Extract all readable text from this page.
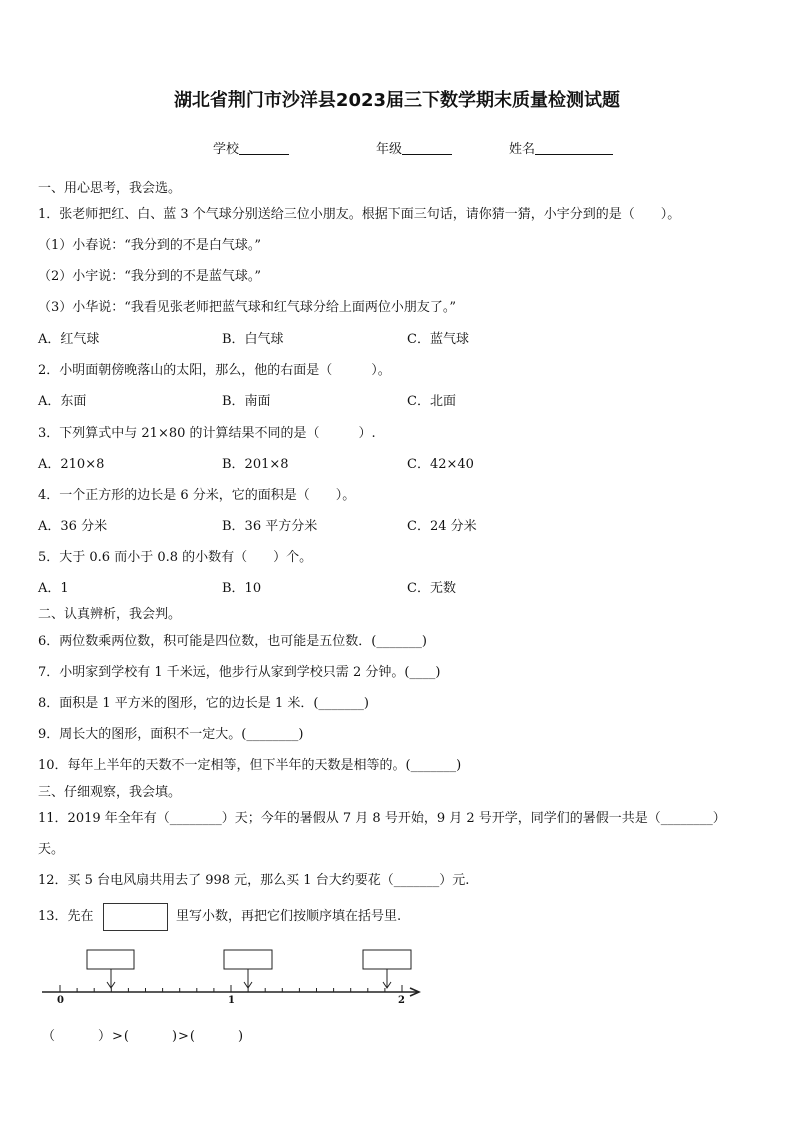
湖北省荆门市沙洋县2023届三下数学期末质量检测试题
学校	年级	姓名
一、用心思考，我会选。
1．张老师把红、白、蓝 3 个气球分别送给三位小朋友。根据下面三句话，请你猜一猜，小宇分到的是（　　）。
（1）小春说：“我分到的不是白气球。”
（2）小宇说：“我分到的不是蓝气球。”
（3）小华说：“我看见张老师把蓝气球和红气球分给上面两位小朋友了。”
A．红气球	B．白气球	C．蓝气球
2．小明面朝傍晚落山的太阳，那么，他的右面是（　　　）。
A．东面	B．南面	C．北面
3．下列算式中与 21×80 的计算结果不同的是（　　　）.
A．210×8	B．201×8	C．42×40
4．一个正方形的边长是 6 分米，它的面积是（　　）。
A．36 分米	B．36 平方分米	C．24 分米
5．大于 0.6 而小于 0.8 的小数有（　　）个。
A．1	B．10	C．无数
二、认真辨析，我会判。
6．两位数乘两位数，积可能是四位数，也可能是五位数．(_______)
7．小明家到学校有 1 千米远，他步行从家到学校只需 2 分钟。(____)
8．面积是 1 平方米的图形，它的边长是 1 米．(_______)
9．周长大的图形，面积不一定大。(________)
10．每年上半年的天数不一定相等，但下半年的天数是相等的。(_______)
三、仔细观察，我会填。
11．2019 年全年有（________）天；今年的暑假从 7 月 8 号开始，9 月 2 号开学，同学们的暑假一共是（________）
天。
12．买 5 台电风扇共用去了 998 元，那么买 1 台大约要花（_______）元.
13．先在	里写小数，再把它们按顺序填在括号里.
0	1	2
（　　　）>(　　　)>(　　　)
